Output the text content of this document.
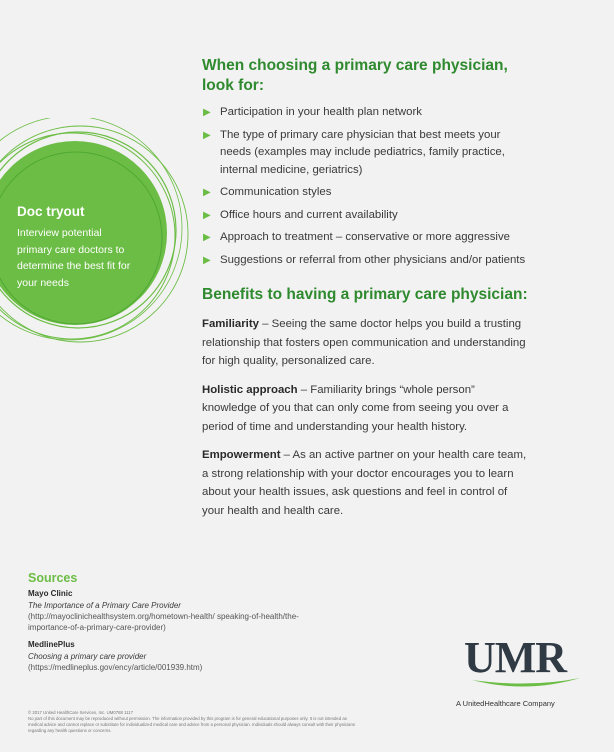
Doc tryout

Interview potential primary care doctors to determine the best fit for your needs

When choosing a primary care physician, look for:
▶ Participation in your health plan network
▶ The type of primary care physician that best meets your needs (examples may include pediatrics, family practice, internal medicine, geriatrics)
▶ Communication styles
▶ Office hours and current availability
▶ Approach to treatment – conservative or more aggressive
▶ Suggestions or referral from other physicians and/or patients
Benefits to having a primary care physician:

Familiarity – Seeing the same doctor helps you build a trusting relationship that fosters open communication and understanding for high quality, personalized care.

Holistic approach – Familiarity brings “whole person” knowledge of you that can only come from seeing you over a period of time and understanding your health history.

Empowerment – As an active partner on your health care team, a strong relationship with your doctor encourages you to learn about your health issues, ask questions and feel in control of your health and health care.

Sources
Mayo Clinic
The Importance of a Primary Care Provider
(http://mayoclinichealthsystem.org/hometown-health/ speaking-of-health/the-importance-of-a-primary-care-provider)
MedlinePlus
Choosing a primary care provider
(https://medlineplus.gov/ency/article/001939.htm)
© 2017 United HealthCare Services, Inc. UM0788 1117
No part of this document may be reproduced without permission. The information provided by this program is for general educational purposes only. It is not intended as medical advice and cannot replace or substitute for individualized medical care and advice from a personal physician. Individuals should always consult with their physicians regarding any health questions or concerns.
UMR
A UnitedHealthcare Company
